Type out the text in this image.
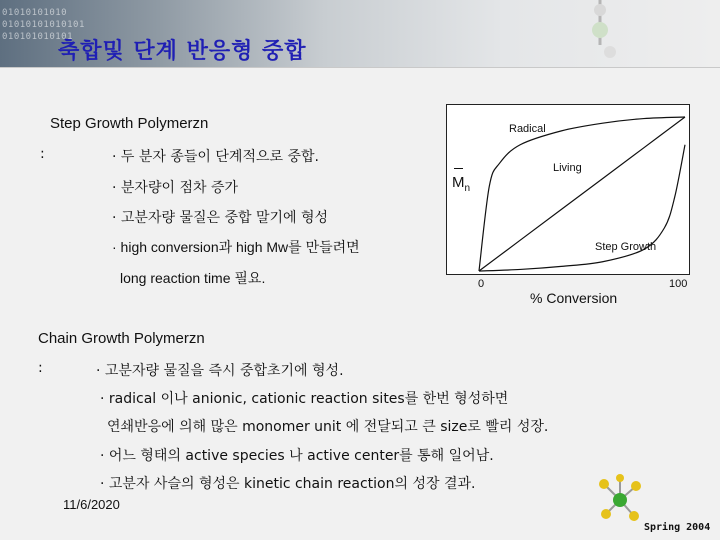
01010101010
01010101010101
010101010101
축합및 단계 반응형 중합
Step Growth Polymerzn
:	· 두 분자 종들이 단계적으로 중합.
· 분자량이 점차 증가
· 고분자량 물질은 중합 말기에 형성
· high conversion과 high Mw를 만들려면
long reaction time 필요.
$M_n$
Radical
Living
Step Growth
0	100
% Conversion
Chain Growth Polymerzn
:	· 고분자량 물질을 즉시 중합초기에 형성.
· radical 이나 anionic, cationic reaction sites를 한번 형성하면
연쇄반응에 의해 많은 monomer unit 에 전달되고 큰 size로 빨리 성장.
· 어느 형태의 active species 나 active center를 통해 일어남.
· 고분자 사슬의 형성은 kinetic chain reaction의 성장 결과.
11/6/2020
Spring 2004
